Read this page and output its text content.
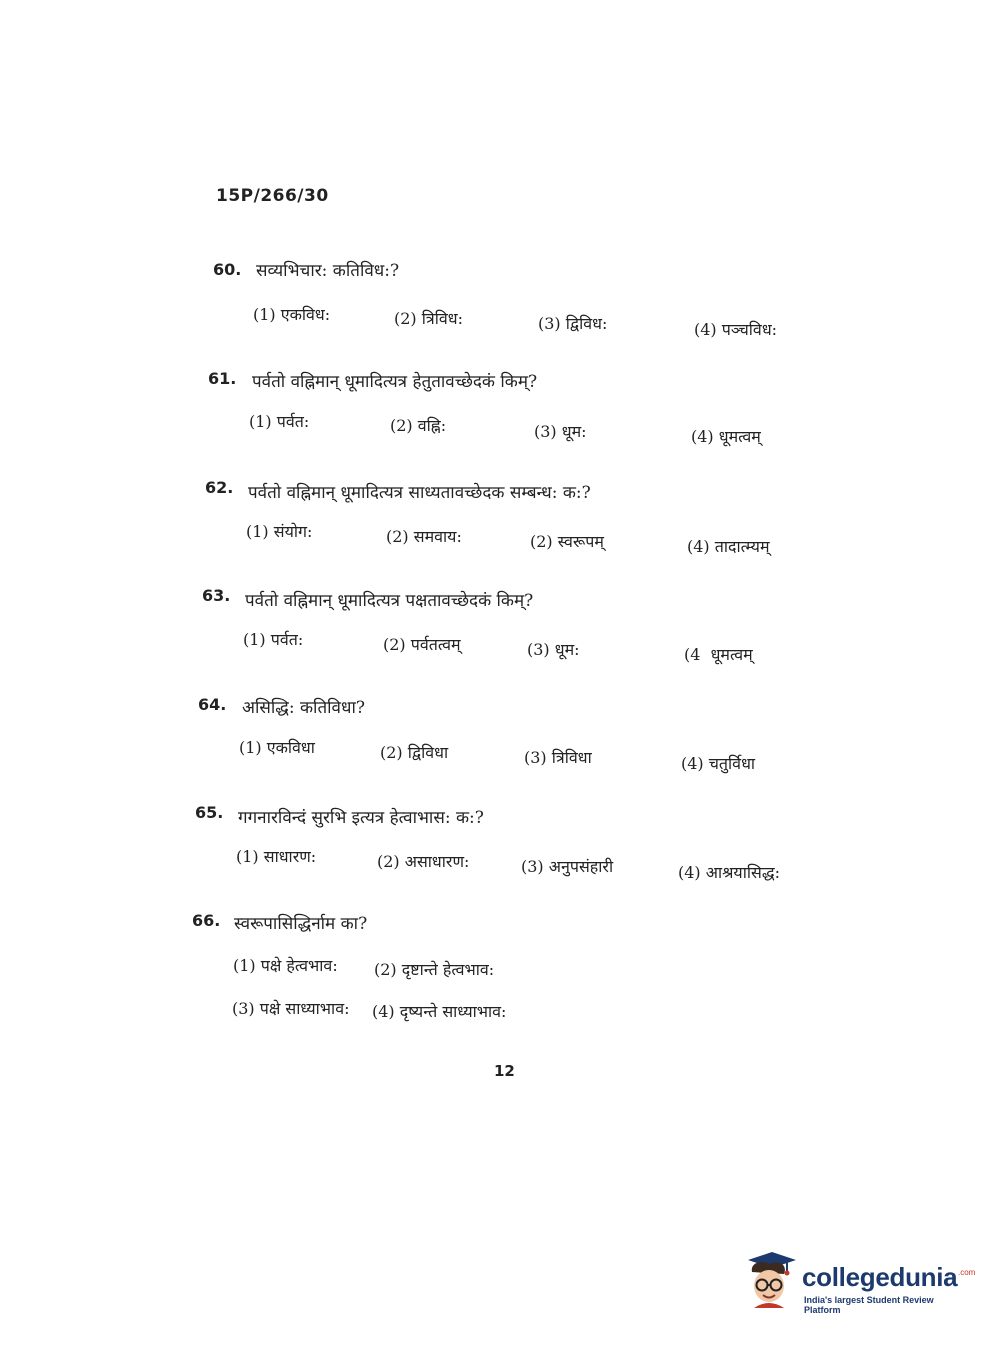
15P/266/30
60. सव्यभिचार: कतिविध:?
(1) एकविध:	(2) त्रिविध:	(3) द्विविध:	(4) पञ्चविध:
61. पर्वतो वह्निमान् धूमादित्यत्र हेतुतावच्छेदकं किम्?
(1) पर्वत:	(2) वह्नि:	(3) धूम:	(4) धूमत्वम्
62. पर्वतो वह्निमान् धूमादित्यत्र साध्यतावच्छेदक सम्बन्ध: क:?
(1) संयोग:	(2) समवाय:	(2) स्वरूपम्	(4) तादात्म्यम्
63. पर्वतो वह्निमान् धूमादित्यत्र पक्षतावच्छेदकं किम्?
(1) पर्वत:	(2) पर्वतत्वम्	(3) धूम:	(4  धूमत्वम्
64. असिद्धि: कतिविधा?
(1) एकविधा	(2) द्विविधा	(3) त्रिविधा	(4) चतुर्विधा
65. गगनारविन्दं सुरभि इत्यत्र हेत्वाभास: क:?
(1) साधारण:	(2) असाधारण:	(3) अनुपसंहारी	(4) आश्रयासिद्ध:
66. स्वरूपासिद्धिर्नाम का?
(1) पक्षे हेत्वभाव: (2) दृष्टान्ते हेत्वभाव:
(3) पक्षे साध्याभाव: (4) दृष्यन्ते साध्याभाव:
12
collegedunia .com
India's largest Student Review Platform
